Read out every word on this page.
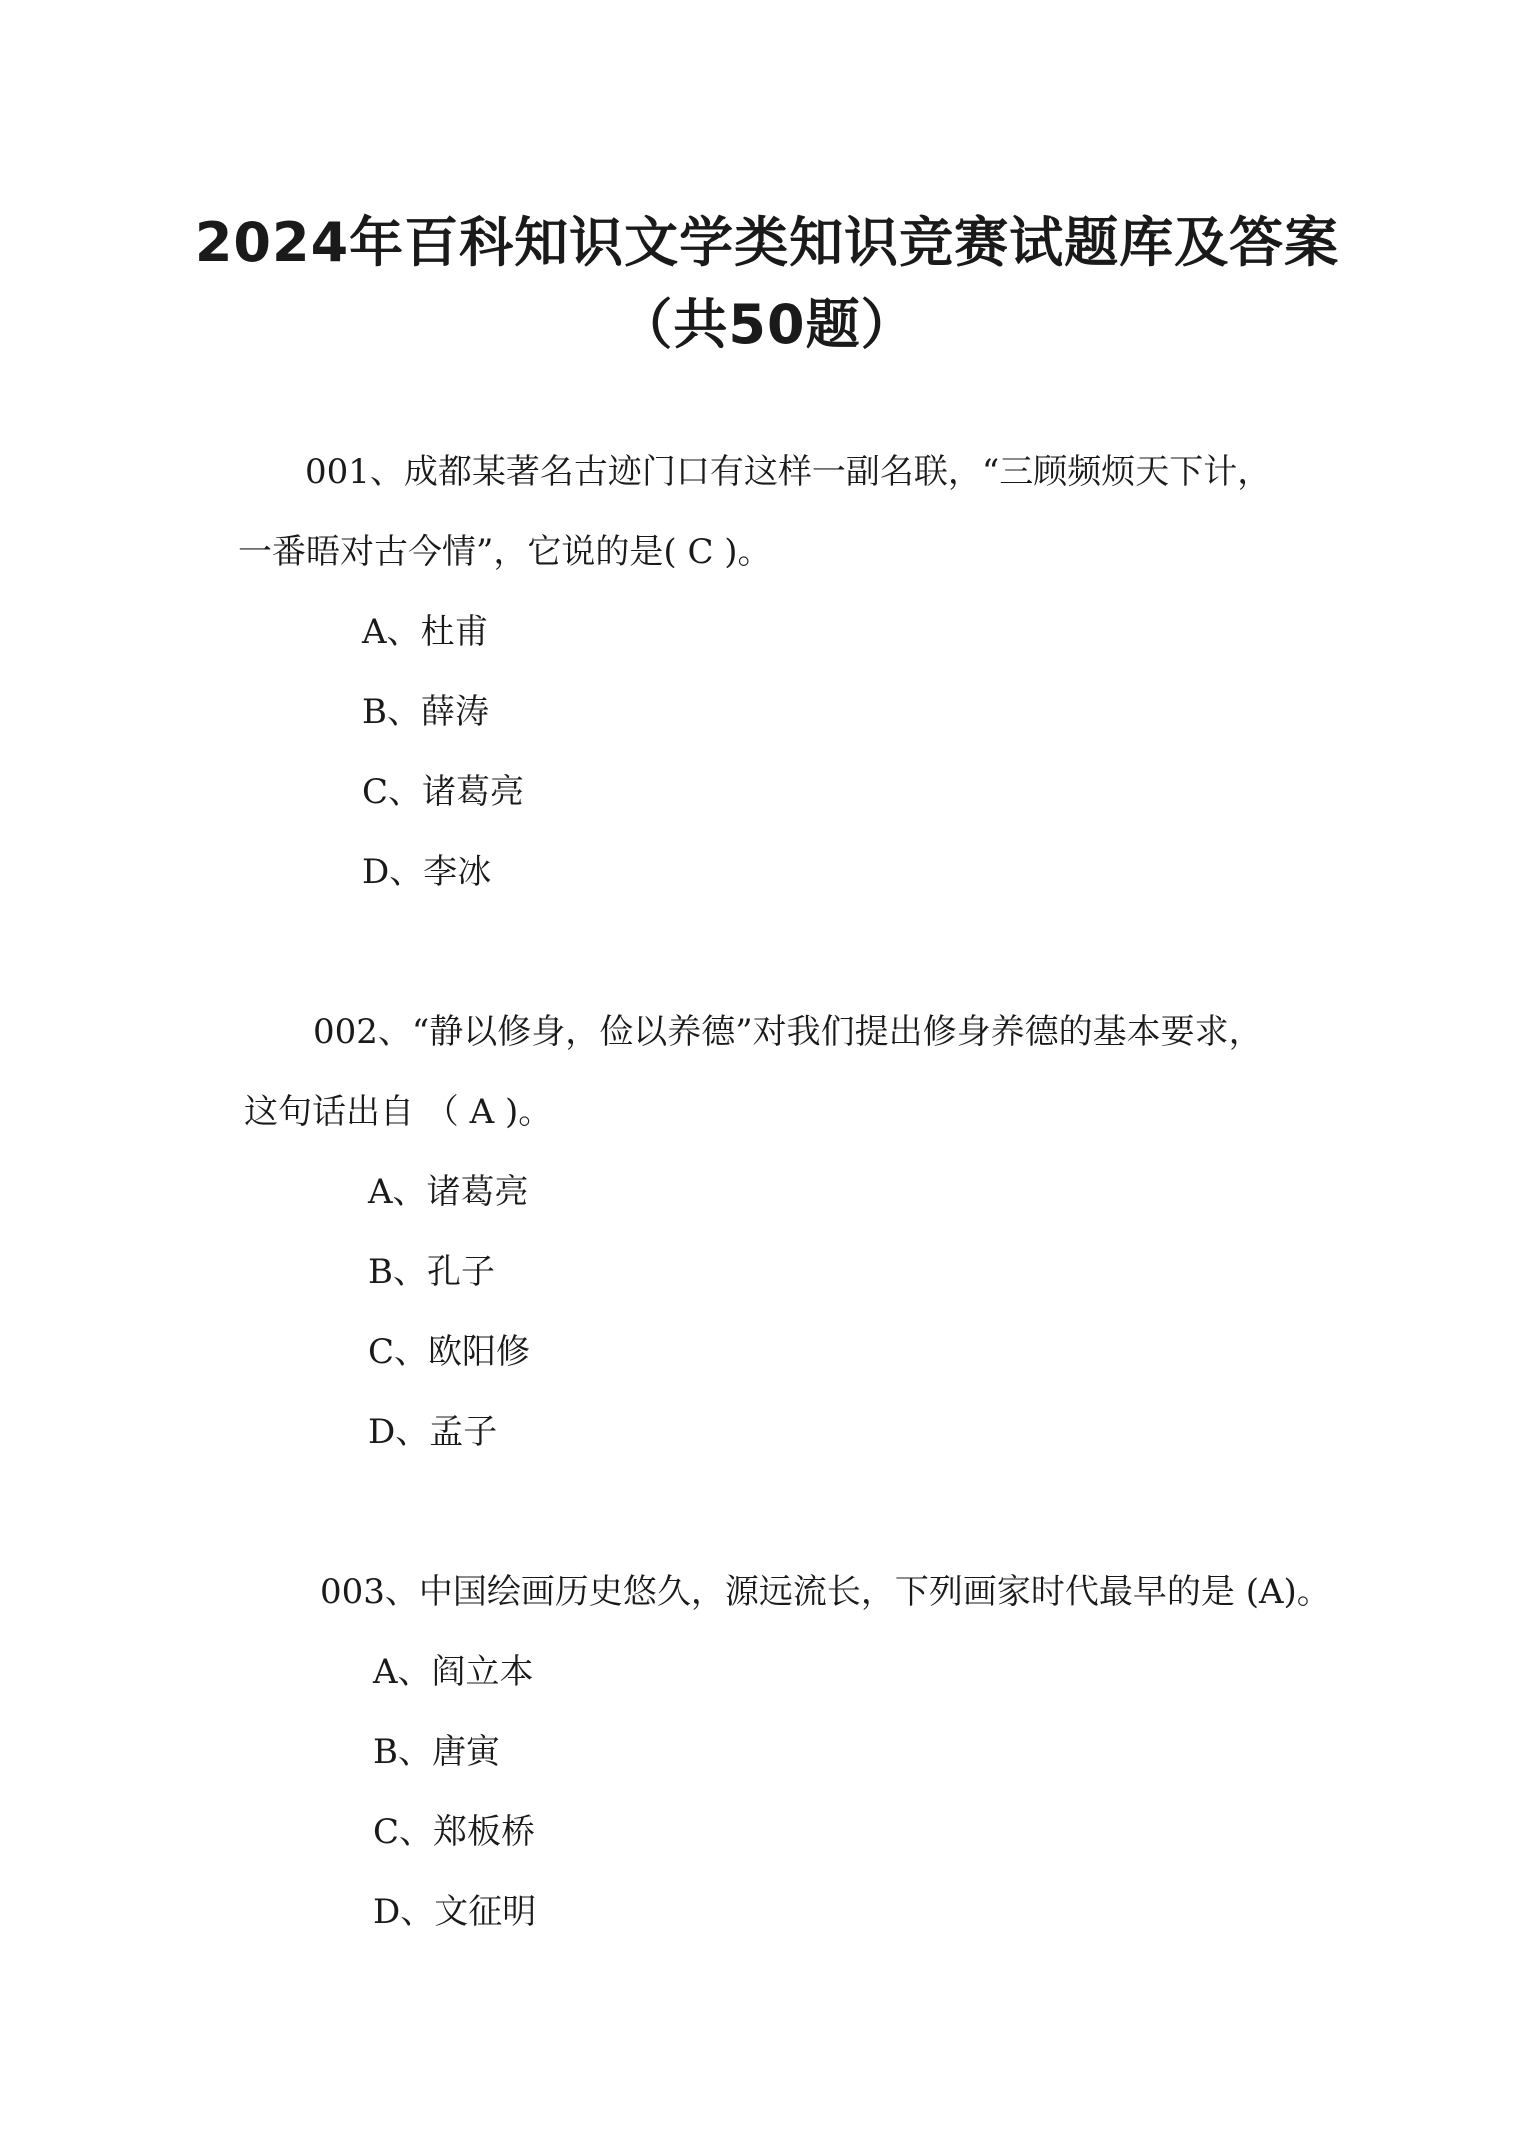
2024年百科知识文学类知识竞赛试题库及答案
（共50题）
001、成都某著名古迹门口有这样一副名联，“三顾频烦天下计，
一番晤对古今情”，它说的是( C )。
A、杜甫
B、薛涛
C、诸葛亮
D、李冰
002、“静以修身，俭以养德”对我们提出修身养德的基本要求，
这句话出自 （ A )。
A、诸葛亮
B、孔子
C、欧阳修
D、孟子
003、中国绘画历史悠久，源远流长，下列画家时代最早的是 (A)。
A、阎立本
B、唐寅
C、郑板桥
D、文征明
